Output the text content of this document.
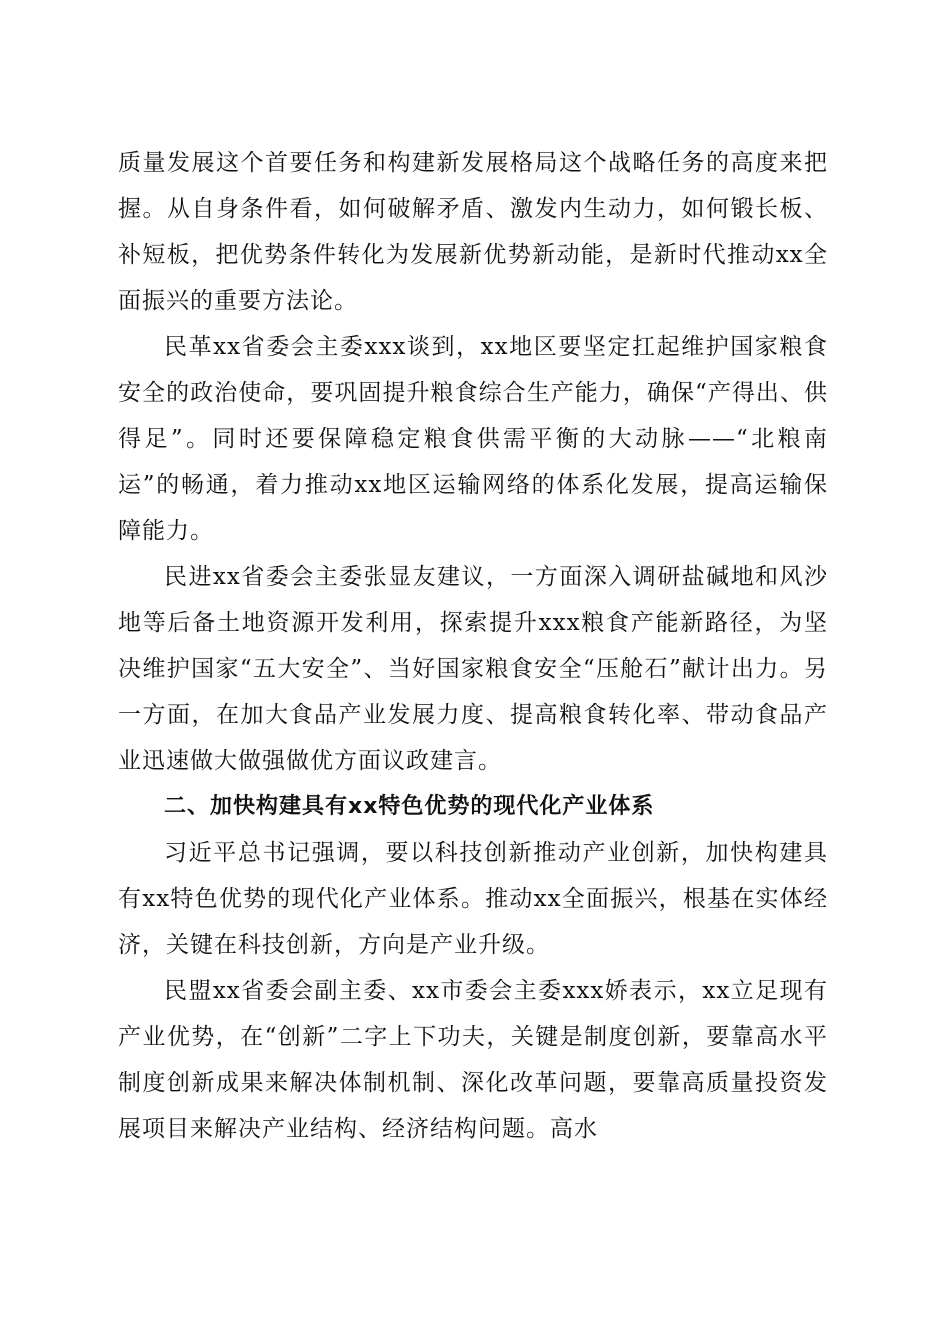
质量发展这个首要任务和构建新发展格局这个战略任务的高度来把握。从自身条件看，如何破解矛盾、激发内生动力，如何锻长板、补短板，把优势条件转化为发展新优势新动能，是新时代推动xx全面振兴的重要方法论。

民革xx省委会主委xxx谈到，xx地区要坚定扛起维护国家粮食安全的政治使命，要巩固提升粮食综合生产能力，确保“产得出、供得足”。同时还要保障稳定粮食供需平衡的大动脉——“北粮南运”的畅通，着力推动xx地区运输网络的体系化发展，提高运输保障能力。

民进xx省委会主委张显友建议，一方面深入调研盐碱地和风沙地等后备土地资源开发利用，探索提升xxx粮食产能新路径，为坚决维护国家“五大安全”、当好国家粮食安全“压舱石”献计出力。另一方面，在加大食品产业发展力度、提高粮食转化率、带动食品产业迅速做大做强做优方面议政建言。

二、加快构建具有xx特色优势的现代化产业体系

习近平总书记强调，要以科技创新推动产业创新，加快构建具有xx特色优势的现代化产业体系。推动xx全面振兴，根基在实体经济，关键在科技创新，方向是产业升级。

民盟xx省委会副主委、xx市委会主委xxx娇表示，xx立足现有产业优势，在“创新”二字上下功夫，关键是制度创新，要靠高水平制度创新成果来解决体制机制、深化改革问题，要靠高质量投资发展项目来解决产业结构、经济结构问题。高水
